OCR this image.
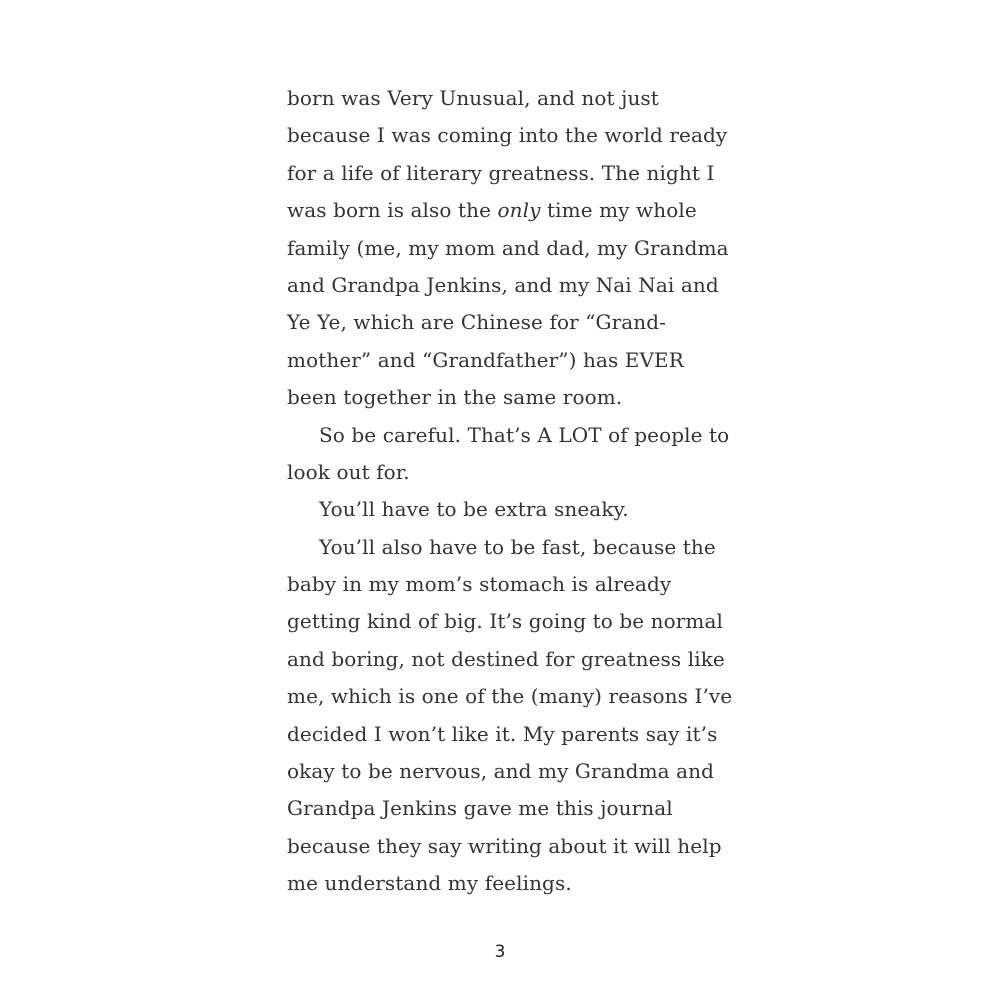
born was Very Unusual, and not just
because I was coming into the world ready
for a life of literary greatness. The night I
was born is also the only time my whole
family (me, my mom and dad, my Grandma
and Grandpa Jenkins, and my Nai Nai and
Ye Ye, which are Chinese for “Grand-
mother” and “Grandfather”) has EVER
been together in the same room.
So be careful. That’s A LOT of people to
look out for.
You’ll have to be extra sneaky.
You’ll also have to be fast, because the
baby in my mom’s stomach is already
getting kind of big. It’s going to be normal
and boring, not destined for greatness like
me, which is one of the (many) reasons I’ve
decided I won’t like it. My parents say it’s
okay to be nervous, and my Grandma and
Grandpa Jenkins gave me this journal
because they say writing about it will help
me understand my feelings.
3
